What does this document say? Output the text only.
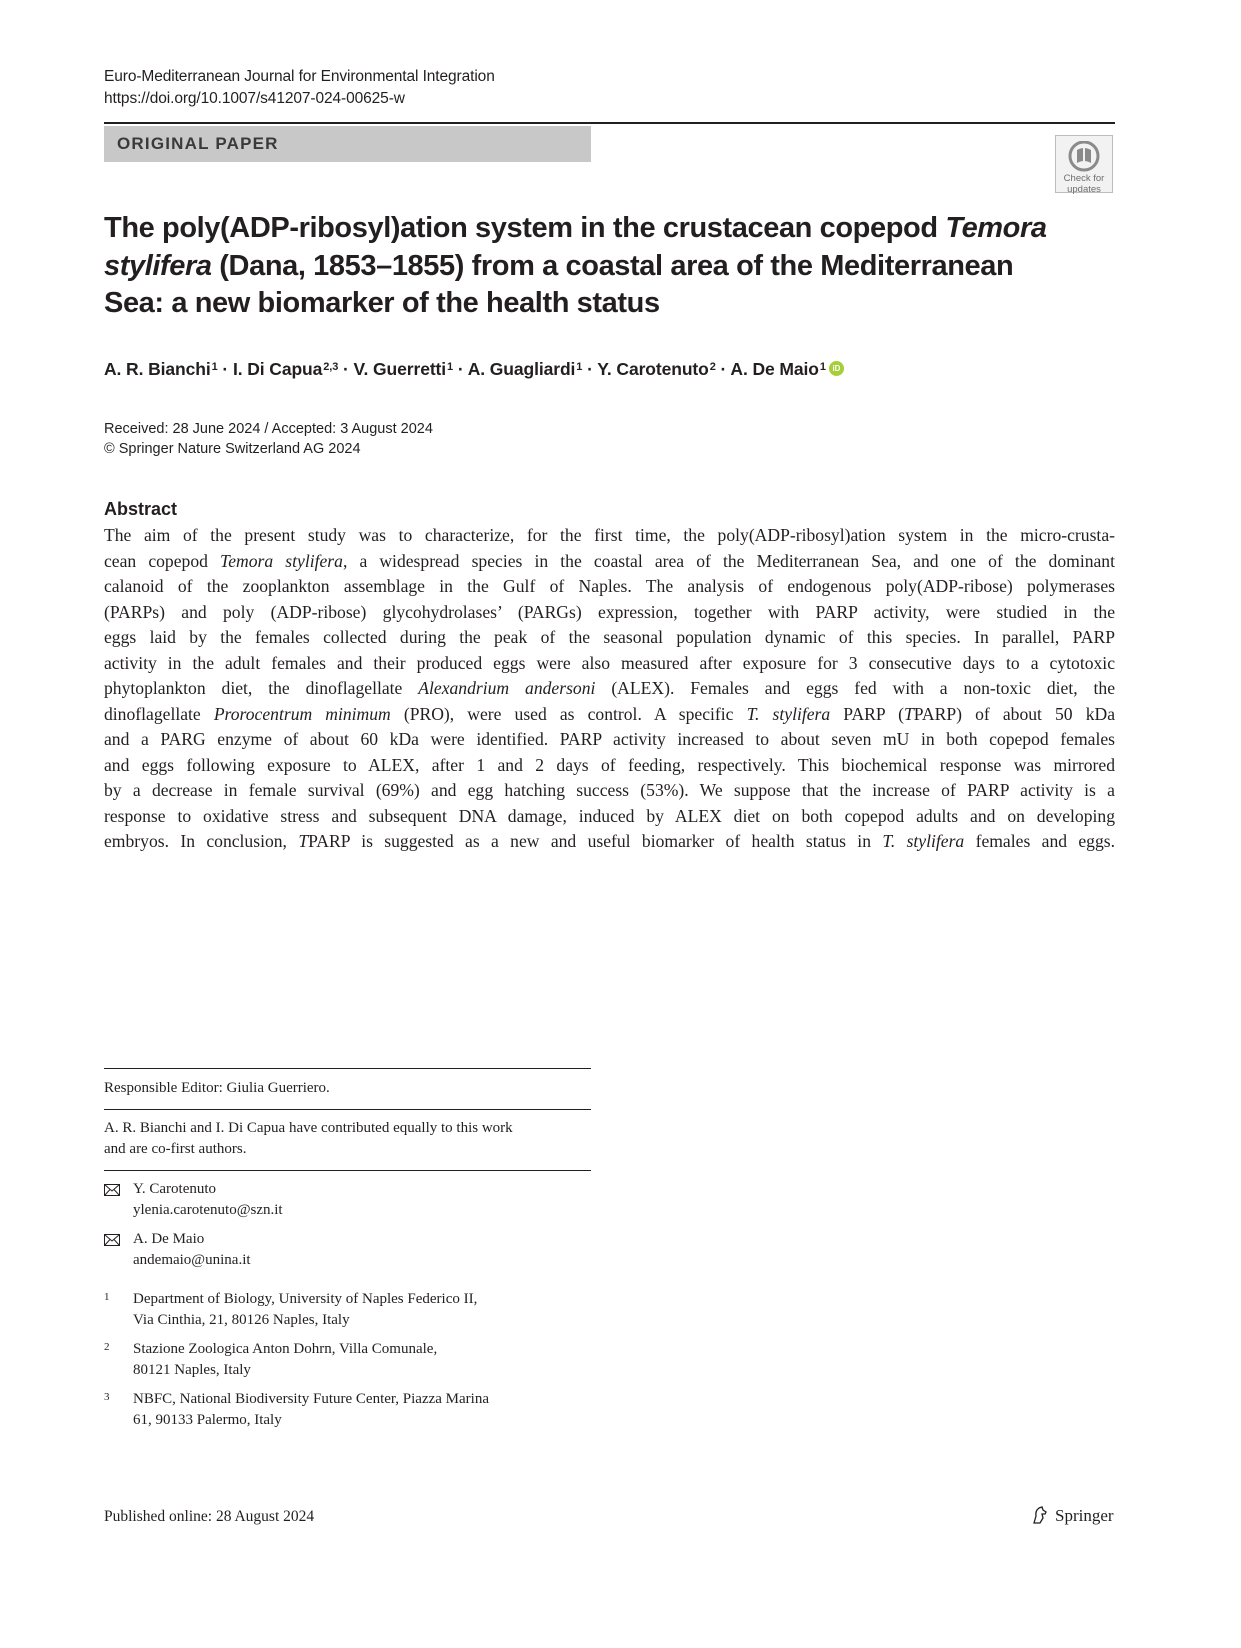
Euro-Mediterranean Journal for Environmental Integration
https://doi.org/10.1007/s41207-024-00625-w
ORIGINAL PAPER
Check for
updates
The poly(ADP-ribosyl)ation system in the crustacean copepod Temora
stylifera (Dana, 1853–1855) from a coastal area of the Mediterranean
Sea: a new biomarker of the health status
A. R. Bianchi$^1$ · I. Di Capua$^{2,3}$ · V. Guerretti$^1$ · A. Guagliardi$^1$ · Y. Carotenuto$^2$ · A. De Maio$^1$ iD
Received: 28 June 2024 / Accepted: 3 August 2024
© Springer Nature Switzerland AG 2024
Abstract

The aim of the present study was to characterize, for the first time, the poly(ADP-ribosyl)ation system in the micro-crusta-

cean copepod Temora stylifera, a widespread species in the coastal area of the Mediterranean Sea, and one of the dominant

calanoid of the zooplankton assemblage in the Gulf of Naples. The analysis of endogenous poly(ADP-ribose) polymerases

(PARPs) and poly (ADP-ribose) glycohydrolases’ (PARGs) expression, together with PARP activity, were studied in the

eggs laid by the females collected during the peak of the seasonal population dynamic of this species. In parallel, PARP

activity in the adult females and their produced eggs were also measured after exposure for 3 consecutive days to a cytotoxic

phytoplankton diet, the dinoflagellate Alexandrium andersoni (ALEX). Females and eggs fed with a non-toxic diet, the

dinoflagellate Prorocentrum minimum (PRO), were used as control. A specific T. stylifera PARP (TPARP) of about 50 kDa

and a PARG enzyme of about 60 kDa were identified. PARP activity increased to about seven mU in both copepod females

and eggs following exposure to ALEX, after 1 and 2 days of feeding, respectively. This biochemical response was mirrored

by a decrease in female survival (69%) and egg hatching success (53%). We suppose that the increase of PARP activity is a

response to oxidative stress and subsequent DNA damage, induced by ALEX diet on both copepod adults and on developing

embryos. In conclusion, TPARP is suggested as a new and useful biomarker of health status in T. stylifera females and eggs.

Responsible Editor: Giulia Guerriero.
A. R. Bianchi and I. Di Capua have contributed equally to this work
and are co-first authors.
Y. Carotenuto
ylenia.carotenuto@szn.it
A. De Maio
andemaio@unina.it
1 Department of Biology, University of Naples Federico II,
Via Cinthia, 21, 80126 Naples, Italy
2 Stazione Zoologica Anton Dohrn, Villa Comunale,
80121 Naples, Italy
3 NBFC, National Biodiversity Future Center, Piazza Marina
61, 90133 Palermo, Italy
Published online: 28 August 2024	Springer
